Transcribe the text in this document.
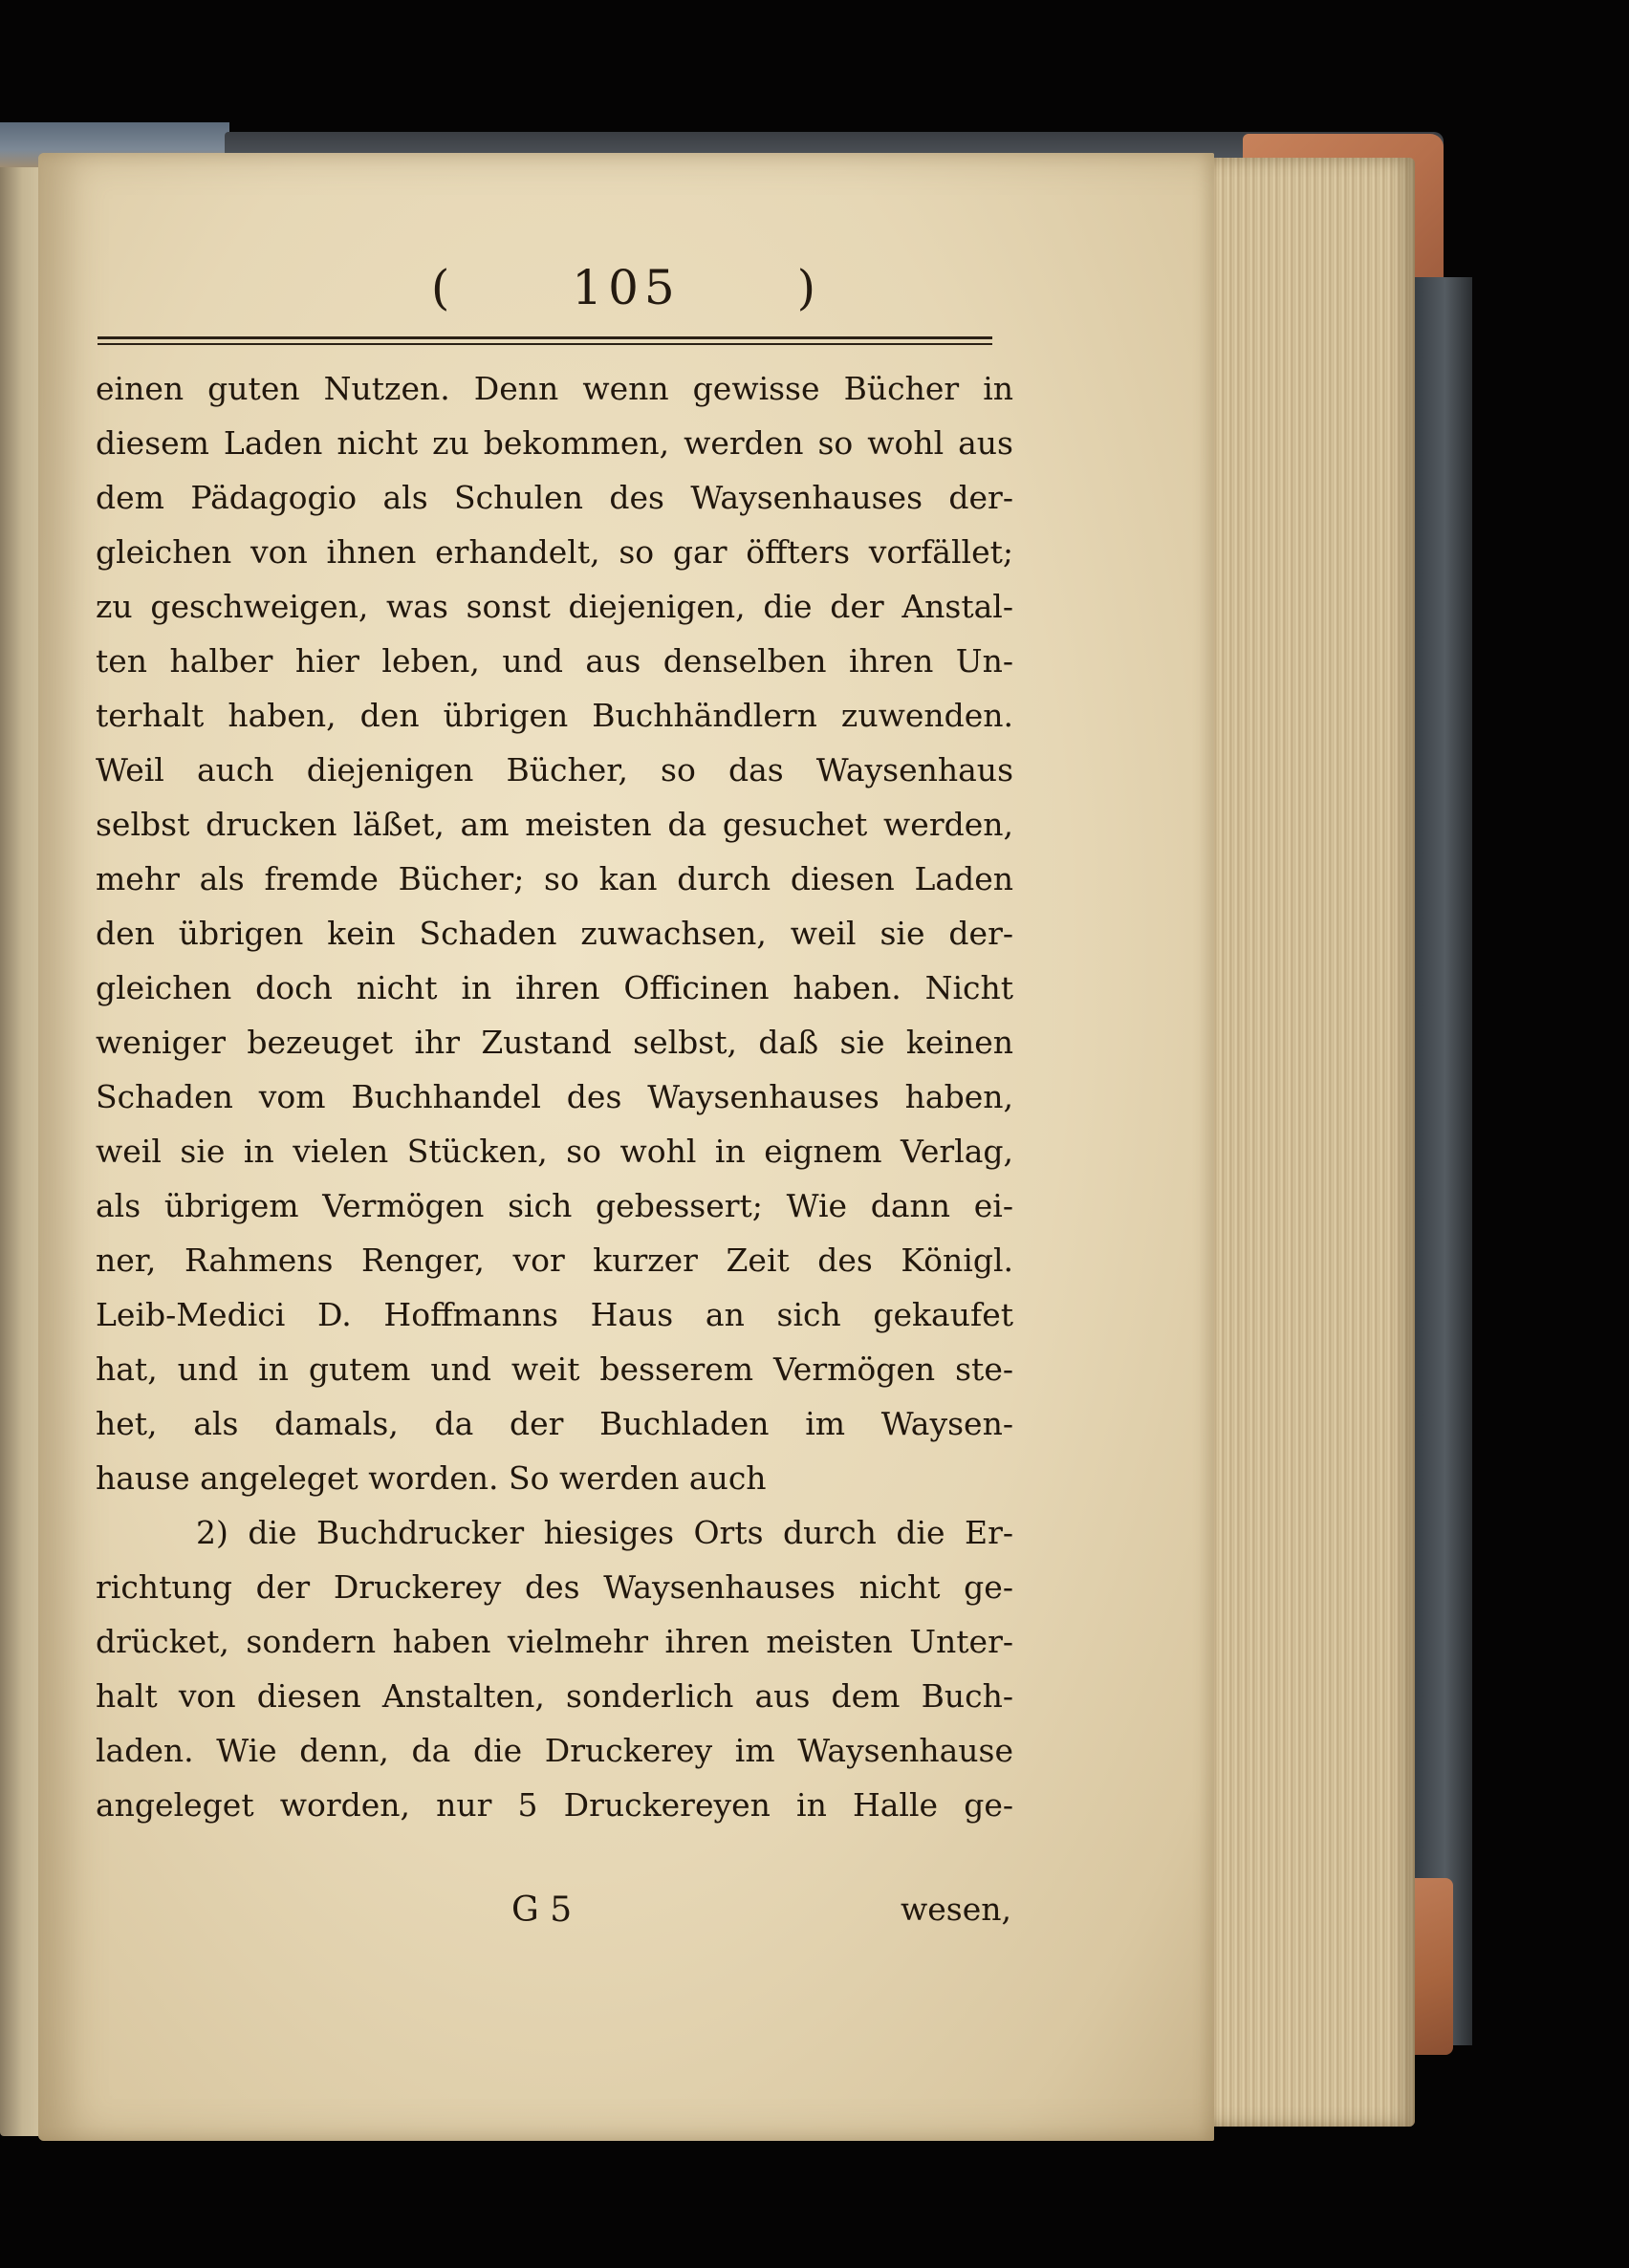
( 105 )
einen guten Nutzen. Denn wenn gewisse Bücher in
diesem Laden nicht zu bekommen, werden so wohl aus
dem Pädagogio als Schulen des Waysenhauses der-
gleichen von ihnen erhandelt, so gar öffters vorfället;
zu geschweigen, was sonst diejenigen, die der Anstal-
ten halber hier leben, und aus denselben ihren Un-
terhalt haben, den übrigen Buchhändlern zuwenden.
Weil auch diejenigen Bücher, so das Waysenhaus
selbst drucken läßet, am meisten da gesuchet werden,
mehr als fremde Bücher; so kan durch diesen Laden
den übrigen kein Schaden zuwachsen, weil sie der-
gleichen doch nicht in ihren Officinen haben. Nicht
weniger bezeuget ihr Zustand selbst, daß sie keinen
Schaden vom Buchhandel des Waysenhauses haben,
weil sie in vielen Stücken, so wohl in eignem Verlag,
als übrigem Vermögen sich gebessert; Wie dann ei-
ner, Rahmens Renger, vor kurzer Zeit des Königl.
Leib-Medici D. Hoffmanns Haus an sich gekaufet
hat, und in gutem und weit besserem Vermögen ste-
het, als damals, da der Buchladen im Waysen-
hause angeleget worden. So werden auch
2) die Buchdrucker hiesiges Orts durch die Er-
richtung der Druckerey des Waysenhauses nicht ge-
drücket, sondern haben vielmehr ihren meisten Unter-
halt von diesen Anstalten, sonderlich aus dem Buch-
laden. Wie denn, da die Druckerey im Waysenhause
angeleget worden, nur 5 Druckereyen in Halle ge-
G 5	wesen,
